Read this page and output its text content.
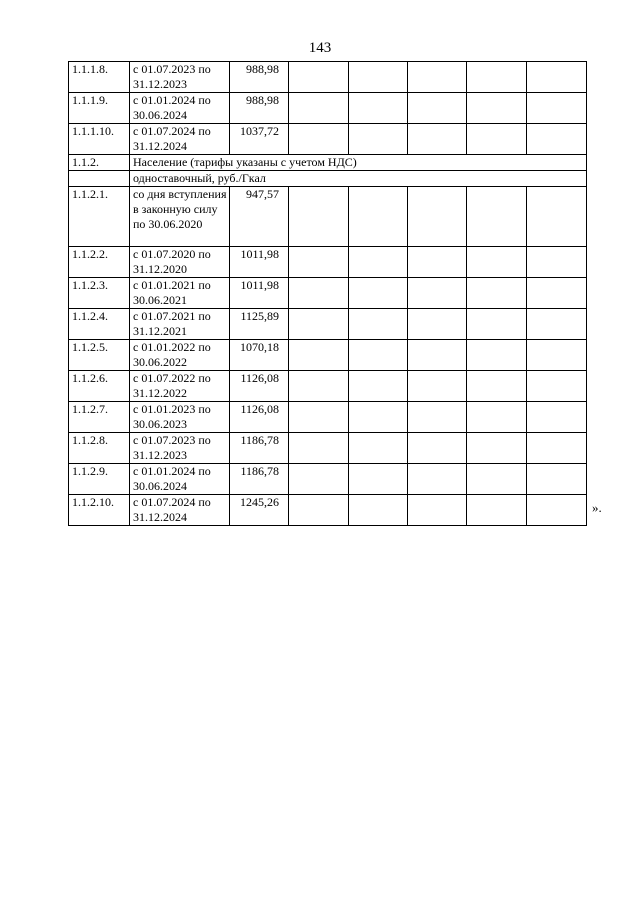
143
1.1.1.8.	с 01.07.2023 по 31.12.2023	988,98					
1.1.1.9.	с 01.01.2024 по 30.06.2024	988,98					
1.1.1.10.	с 01.07.2024 по 31.12.2024	1037,72					
1.1.2.	Население (тарифы указаны с учетом НДС)						
	одноставочный, руб./Гкал						
1.1.2.1.	со дня вступления в законную силу по 30.06.2020	947,57					
1.1.2.2.	с 01.07.2020 по 31.12.2020	1011,98					
1.1.2.3.	с 01.01.2021 по 30.06.2021	1011,98					
1.1.2.4.	с 01.07.2021 по 31.12.2021	1125,89					
1.1.2.5.	с 01.01.2022 по 30.06.2022	1070,18					
1.1.2.6.	с 01.07.2022 по 31.12.2022	1126,08					
1.1.2.7.	с 01.01.2023 по 30.06.2023	1126,08					
1.1.2.8.	с 01.07.2023 по 31.12.2023	1186,78					
1.1.2.9.	с 01.01.2024 по 30.06.2024	1186,78					
1.1.2.10.	с 01.07.2024 по 31.12.2024	1245,26						».
